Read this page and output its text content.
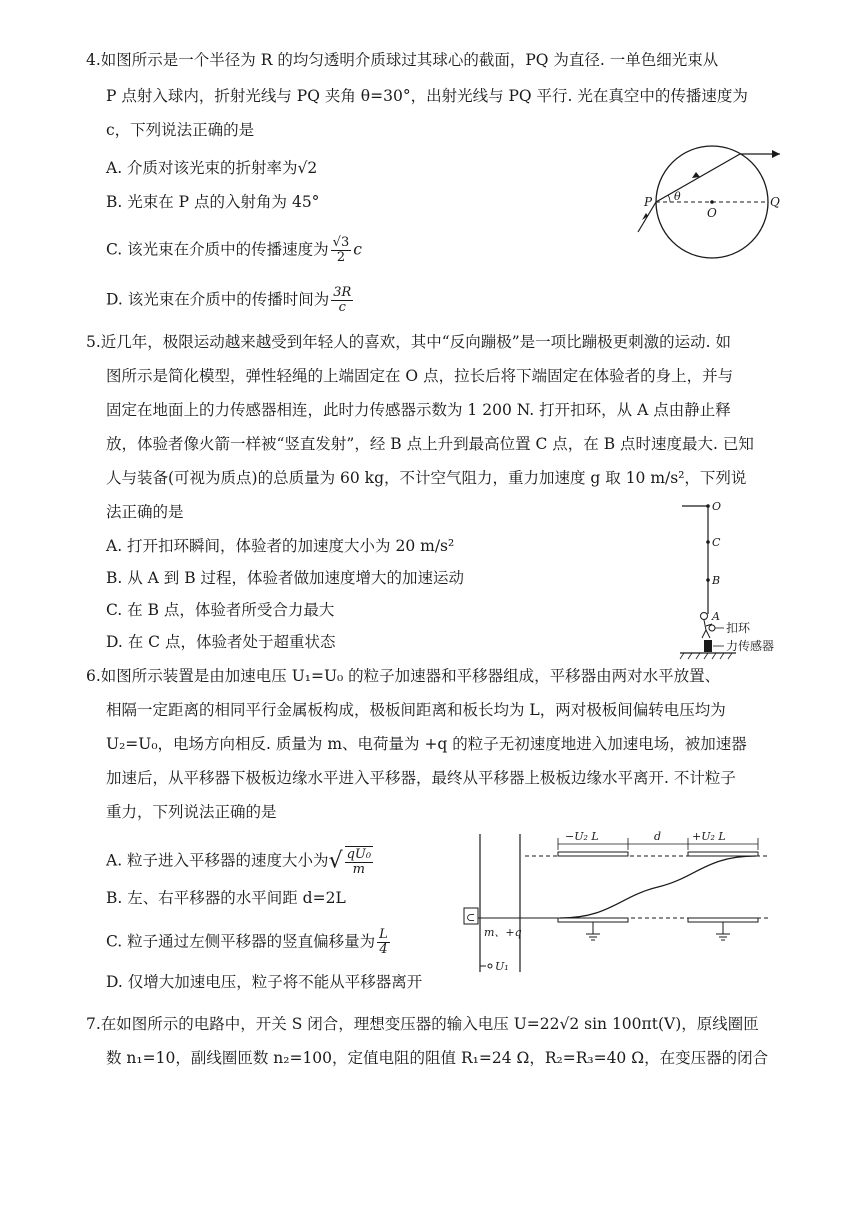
4.如图所示是一个半径为 R 的均匀透明介质球过其球心的截面，PQ 为直径. 一单色细光束从
P 点射入球内，折射光线与 PQ 夹角 θ=30°，出射光线与 PQ 平行. 光在真空中的传播速度为
c，下列说法正确的是
A. 介质对该光束的折射率为√2
B. 光束在 P 点的入射角为 45°
C. 该光束在介质中的传播速度为 $\frac{√3}{2}$ c
D. 该光束在介质中的传播时间为 $\frac{3R}{c}$
P	Q
O
θ
5.近几年，极限运动越来越受到年轻人的喜欢，其中“反向蹦极”是一项比蹦极更刺激的运动. 如
图所示是简化模型，弹性轻绳的上端固定在 O 点，拉长后将下端固定在体验者的身上，并与
固定在地面上的力传感器相连，此时力传感器示数为 1 200 N. 打开扣环，从 A 点由静止释
放，体验者像火箭一样被“竖直发射”，经 B 点上升到最高位置 C 点，在 B 点时速度最大. 已知
人与装备(可视为质点)的总质量为 60 kg，不计空气阻力，重力加速度 g 取 10 m/s²，下列说
法正确的是
A. 打开扣环瞬间，体验者的加速度大小为 20 m/s²
B. 从 A 到 B 过程，体验者做加速度增大的加速运动
C. 在 B 点，体验者所受合力最大
D. 在 C 点，体验者处于超重状态
O
C
B
A
扣环
力传感器
6.如图所示装置是由加速电压 U₁=U₀ 的粒子加速器和平移器组成，平移器由两对水平放置、
相隔一定距离的相同平行金属板构成，极板间距离和板长均为 L，两对极板间偏转电压均为
U₂=U₀，电场方向相反. 质量为 m、电荷量为 +q 的粒子无初速度地进入加速电场，被加速器
加速后，从平移器下极板边缘水平进入平移器，最终从平移器上极板边缘水平离开. 不计粒子
重力，下列说法正确的是
A. 粒子进入平移器的速度大小为√ $\frac{\text{qU₀}}{m}$
B. 左、右平移器的水平间距 d=2L
C. 粒子通过左侧平移器的竖直偏移量为 $\frac{L}{4}$
D. 仅增大加速电压，粒子将不能从平移器离开
⊂
m、+q
U₁
−U₂ L	d	+U₂ L
7.在如图所示的电路中，开关 S 闭合，理想变压器的输入电压 U=22√2 sin 100πt(V)，原线圈匝
数 n₁=10，副线圈匝数 n₂=100，定值电阻的阻值 R₁=24 Ω，R₂=R₃=40 Ω，在变压器的闭合
